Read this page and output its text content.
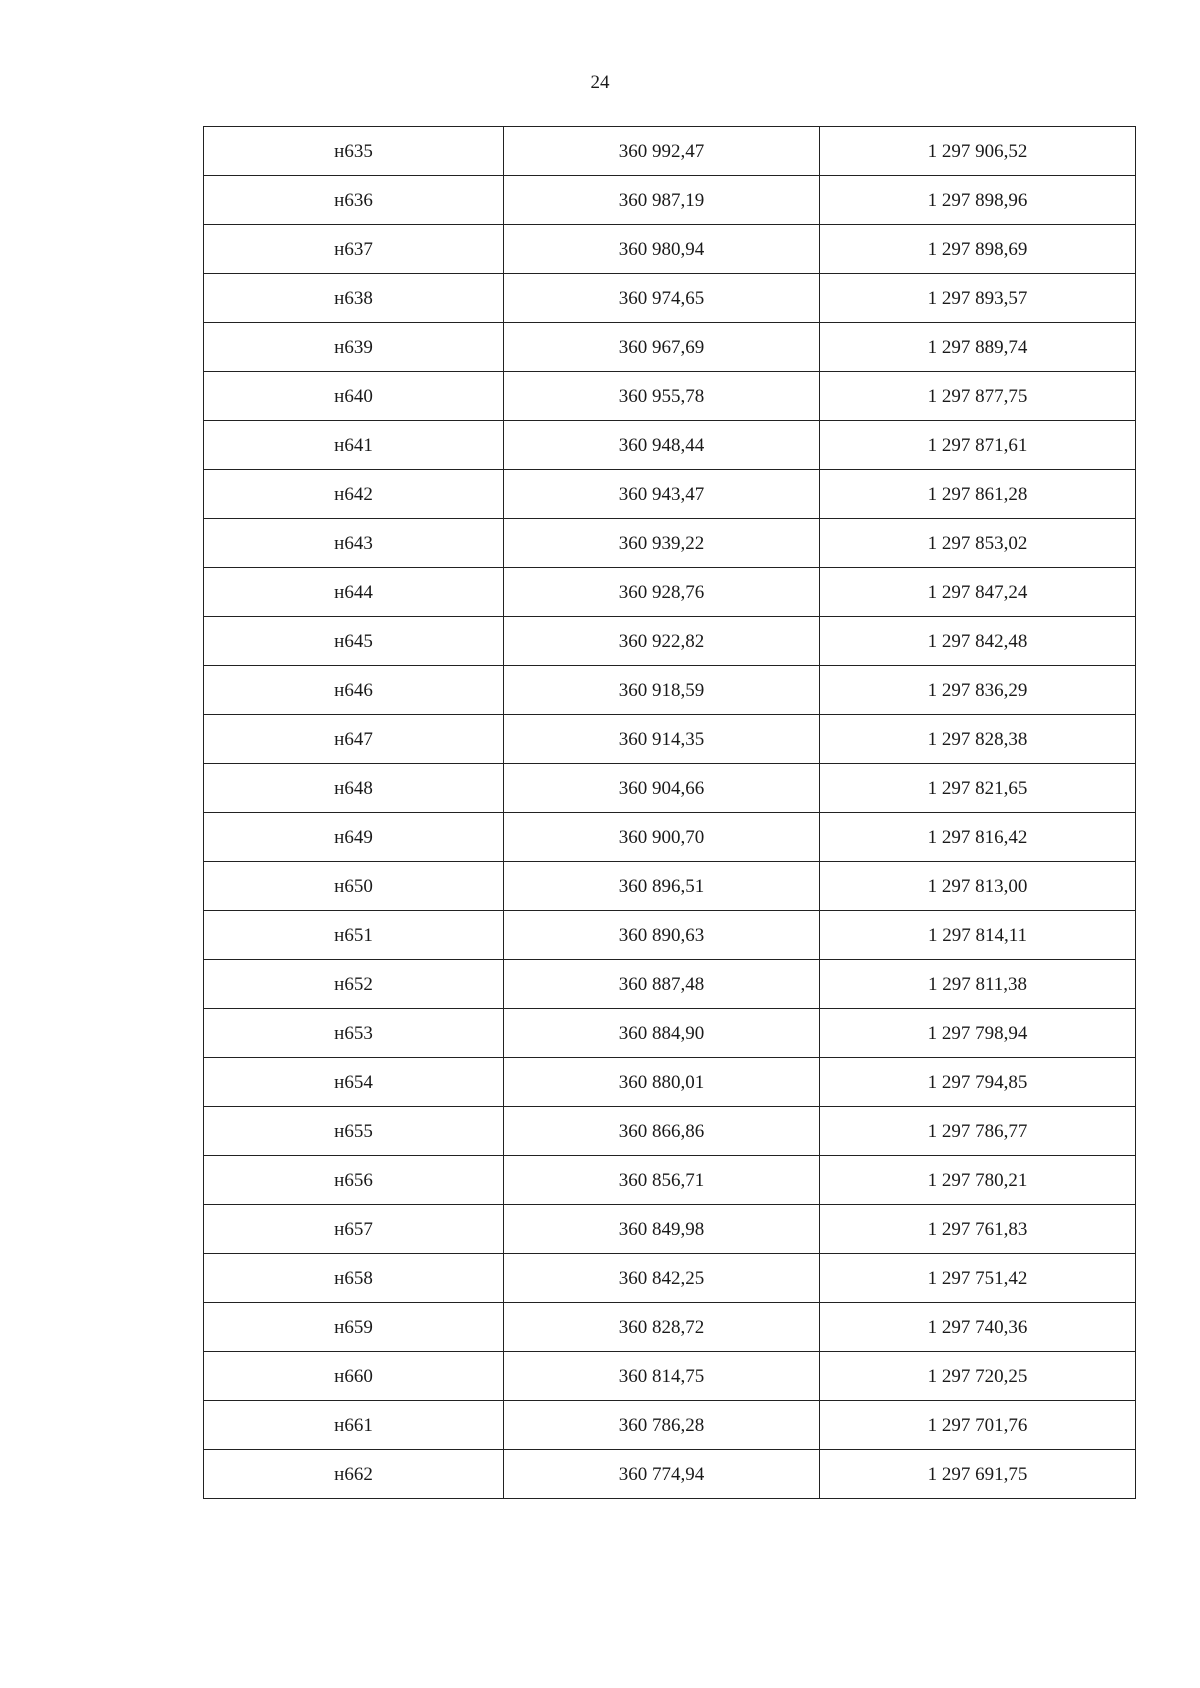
24
н635	360 992,47	1 297 906,52
н636	360 987,19	1 297 898,96
н637	360 980,94	1 297 898,69
н638	360 974,65	1 297 893,57
н639	360 967,69	1 297 889,74
н640	360 955,78	1 297 877,75
н641	360 948,44	1 297 871,61
н642	360 943,47	1 297 861,28
н643	360 939,22	1 297 853,02
н644	360 928,76	1 297 847,24
н645	360 922,82	1 297 842,48
н646	360 918,59	1 297 836,29
н647	360 914,35	1 297 828,38
н648	360 904,66	1 297 821,65
н649	360 900,70	1 297 816,42
н650	360 896,51	1 297 813,00
н651	360 890,63	1 297 814,11
н652	360 887,48	1 297 811,38
н653	360 884,90	1 297 798,94
н654	360 880,01	1 297 794,85
н655	360 866,86	1 297 786,77
н656	360 856,71	1 297 780,21
н657	360 849,98	1 297 761,83
н658	360 842,25	1 297 751,42
н659	360 828,72	1 297 740,36
н660	360 814,75	1 297 720,25
н661	360 786,28	1 297 701,76
н662	360 774,94	1 297 691,75
